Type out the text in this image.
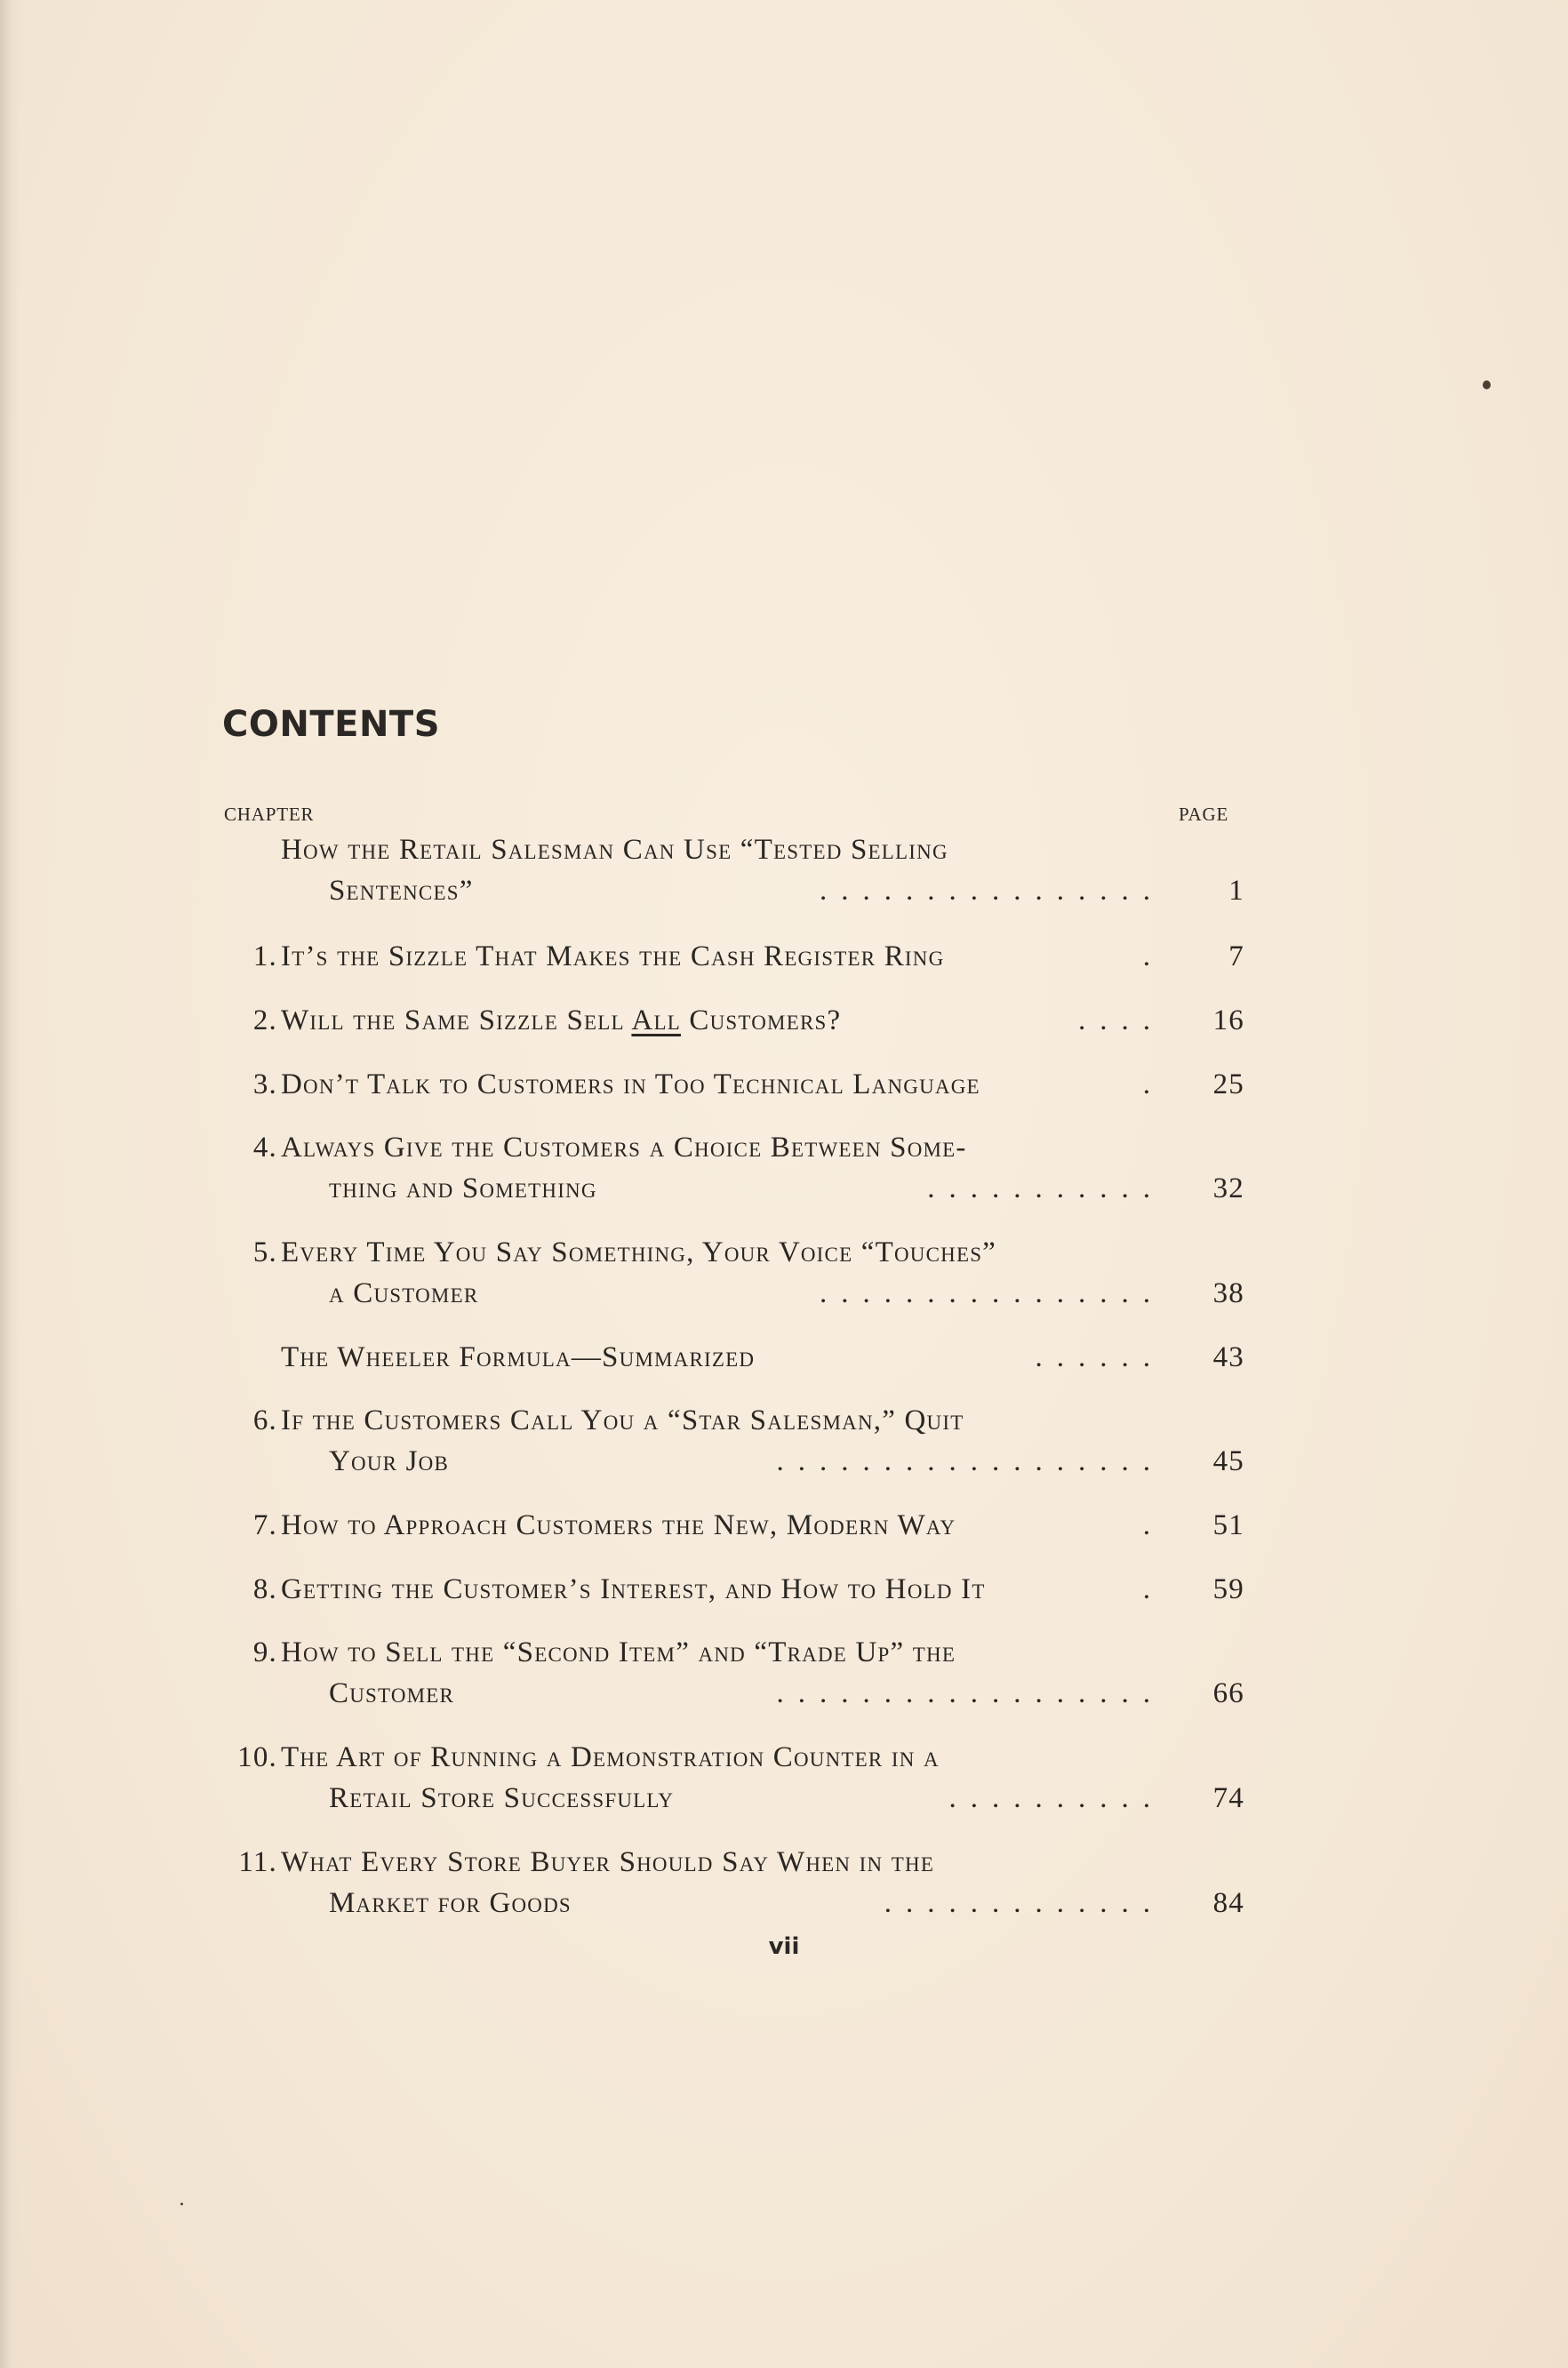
CONTENTS
CHAPTER	PAGE
How the Retail Salesman Can Use “Tested Selling
Sentences”	................	1
1. It’s the Sizzle That Makes the Cash Register Ring	.	7
2. Will the Same Sizzle Sell All Customers?	....	16
3. Don’t Talk to Customers in Too Technical Language	.	25
4. Always Give the Customers a Choice Between Some-
thing and Something	...........	32
5. Every Time You Say Something, Your Voice “Touches”
a Customer	................	38
The Wheeler Formula—Summarized	......	43
6. If the Customers Call You a “Star Salesman,” Quit
Your Job	..................	45
7. How to Approach Customers the New, Modern Way	.	51
8. Getting the Customer’s Interest, and How to Hold It	.	59
9. How to Sell the “Second Item” and “Trade Up” the
Customer	..................	66
10. The Art of Running a Demonstration Counter in a
Retail Store Successfully	..........	74
11. What Every Store Buyer Should Say When in the
Market for Goods	.............	84
vii
